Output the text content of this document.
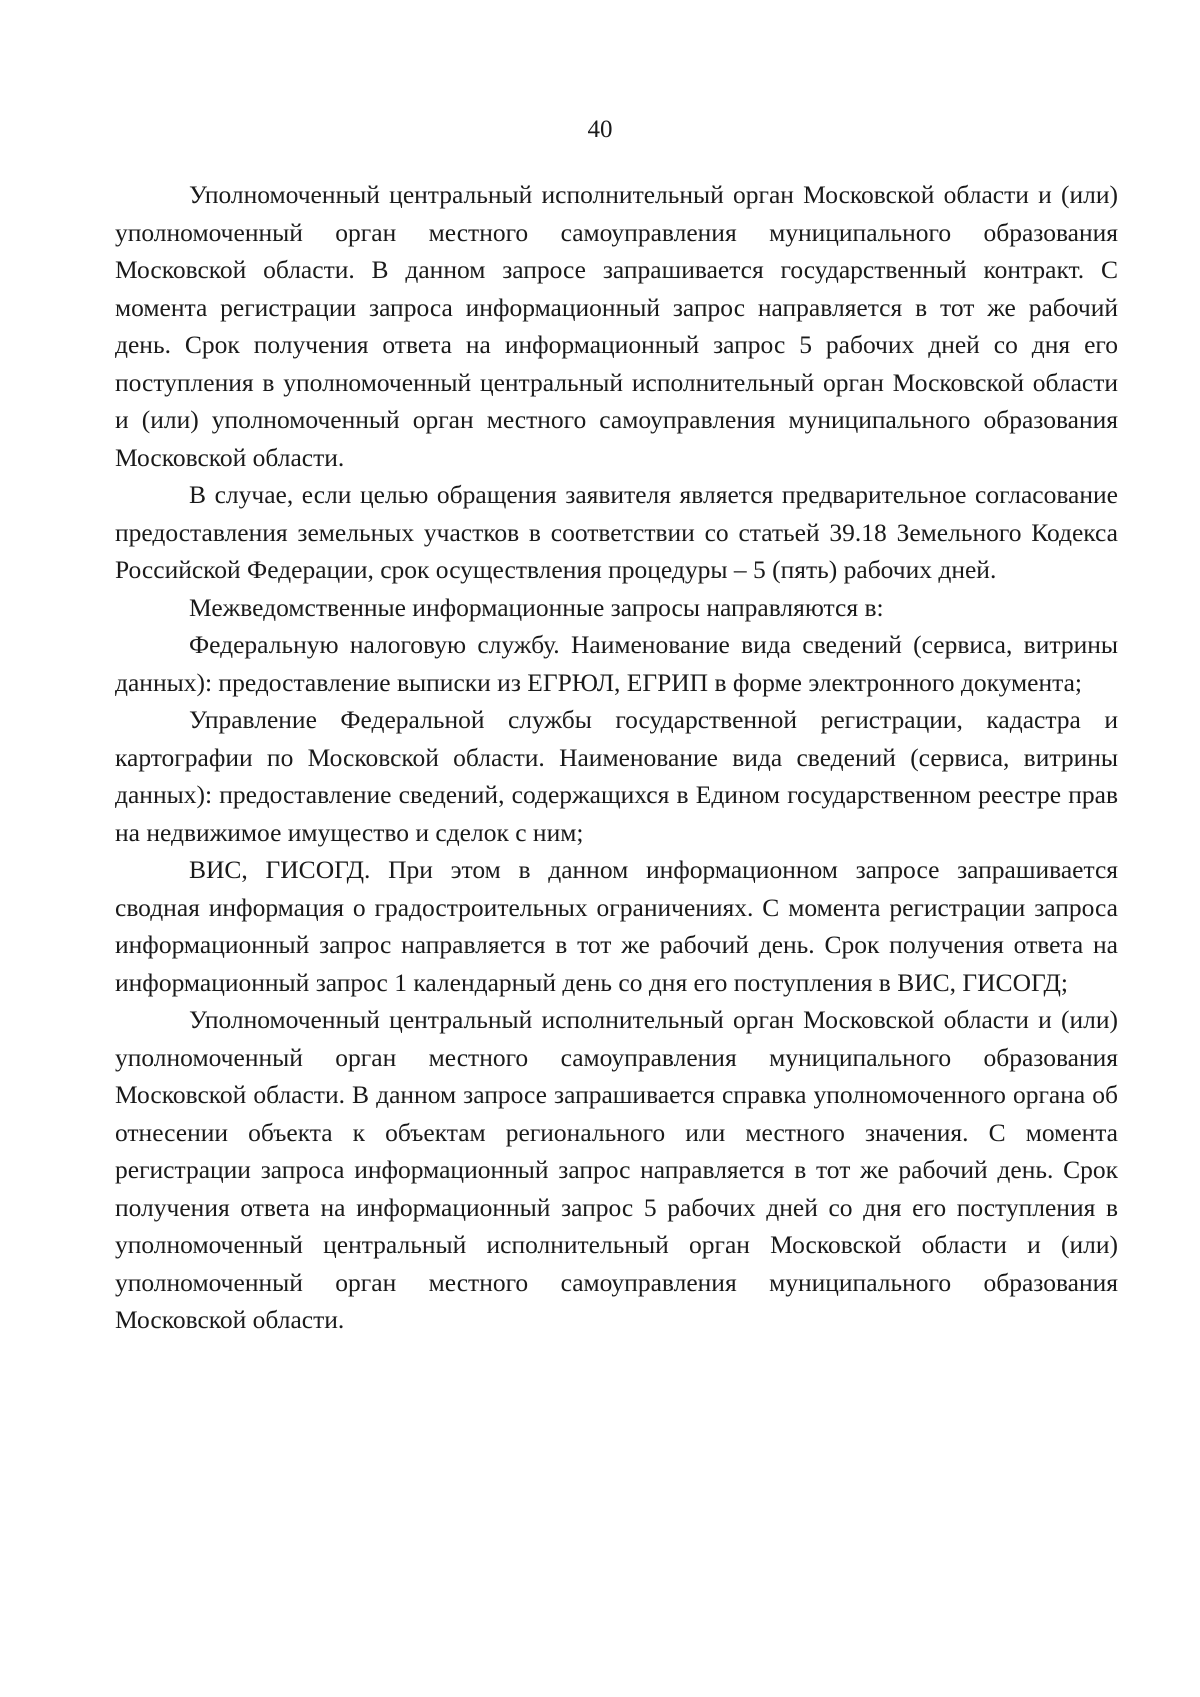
40

Уполномоченный центральный исполнительный орган Московской области и (или) уполномоченный орган местного самоуправления муниципального образования Московской области. В данном запросе запрашивается государственный контракт. С момента регистрации запроса информационный запрос направляется в тот же рабочий день. Срок получения ответа на информационный запрос 5 рабочих дней со дня его поступления в уполномоченный центральный исполнительный орган Московской области и (или) уполномоченный орган местного самоуправления муниципального образования Московской области.

В случае, если целью обращения заявителя является предварительное согласование предоставления земельных участков в соответствии со статьей 39.18 Земельного Кодекса Российской Федерации, срок осуществления процедуры – 5 (пять) рабочих дней.

Межведомственные информационные запросы направляются в:

Федеральную налоговую службу. Наименование вида сведений (сервиса, витрины данных): предоставление выписки из ЕГРЮЛ, ЕГРИП в форме электронного документа;

Управление Федеральной службы государственной регистрации, кадастра и картографии по Московской области. Наименование вида сведений (сервиса, витрины данных): предоставление сведений, содержащихся в Едином государственном реестре прав на недвижимое имущество и сделок с ним;

ВИС, ГИСОГД. При этом в данном информационном запросе запрашивается сводная информация о градостроительных ограничениях. С момента регистрации запроса информационный запрос направляется в тот же рабочий день. Срок получения ответа на информационный запрос 1 календарный день со дня его поступления в ВИС, ГИСОГД;

Уполномоченный центральный исполнительный орган Московской области и (или) уполномоченный орган местного самоуправления муниципального образования Московской области. В данном запросе запрашивается справка уполномоченного органа об отнесении объекта к объектам регионального или местного значения. С момента регистрации запроса информационный запрос направляется в тот же рабочий день. Срок получения ответа на информационный запрос 5 рабочих дней со дня его поступления в уполномоченный центральный исполнительный орган Московской области и (или) уполномоченный орган местного самоуправления муниципального образования Московской области.
